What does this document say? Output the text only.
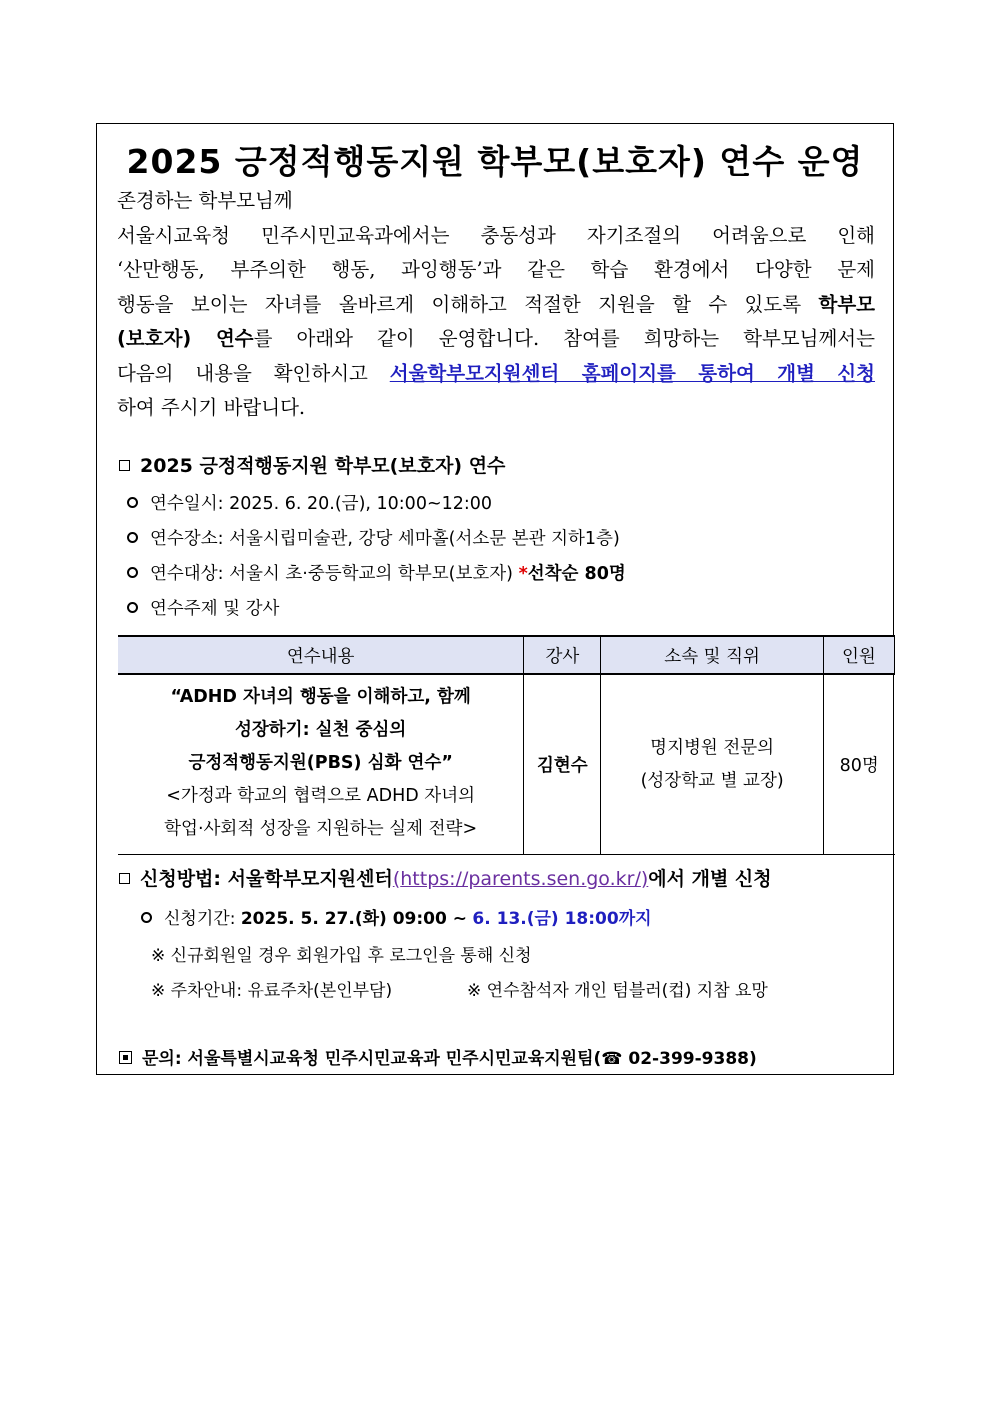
2025 긍정적행동지원 학부모(보호자) 연수 운영
존경하는 학부모님께
서울시교육청 민주시민교육과에서는 충동성과 자기조절의 어려움으로 인해
‘산만행동, 부주의한 행동, 과잉행동’과 같은 학습 환경에서 다양한 문제
행동을 보이는 자녀를 올바르게 이해하고 적절한 지원을 할 수 있도록 학부모
(보호자) 연수를 아래와 같이 운영합니다. 참여를 희망하는 학부모님께서는
다음의 내용을 확인하시고 서울학부모지원센터 홈페이지를 통하여 개별 신청
하여 주시기 바랍니다.
2025 긍정적행동지원 학부모(보호자) 연수
연수일시: 2025. 6. 20.(금), 10:00~12:00
연수장소: 서울시립미술관, 강당 세마홀(서소문 본관 지하1층)
연수대상: 서울시 초·중등학교의 학부모(보호자) *선착순 80명
연수주제 및 강사
연수내용	강사	소속 및 직위	인원
“ADHD 자녀의 행동을 이해하고, 함께
성장하기: 실천 중심의
긍정적행동지원(PBS) 심화 연수”
<가정과 학교의 협력으로 ADHD 자녀의
학업·사회적 성장을 지원하는 실제 전략>	김현수	명지병원 전문의
(성장학교 별 교장)	80명
신청방법: 서울학부모지원센터(https://parents.sen.go.kr/)에서 개별 신청
신청기간: 2025. 5. 27.(화) 09:00 ~ 6. 13.(금) 18:00까지
※ 신규회원일 경우 회원가입 후 로그인을 통해 신청
※ 주차안내: 유료주차(본인부담)	※ 연수참석자 개인 텀블러(컵) 지참 요망
문의: 서울특별시교육청 민주시민교육과 민주시민교육지원팀(☎ 02-399-9388)
